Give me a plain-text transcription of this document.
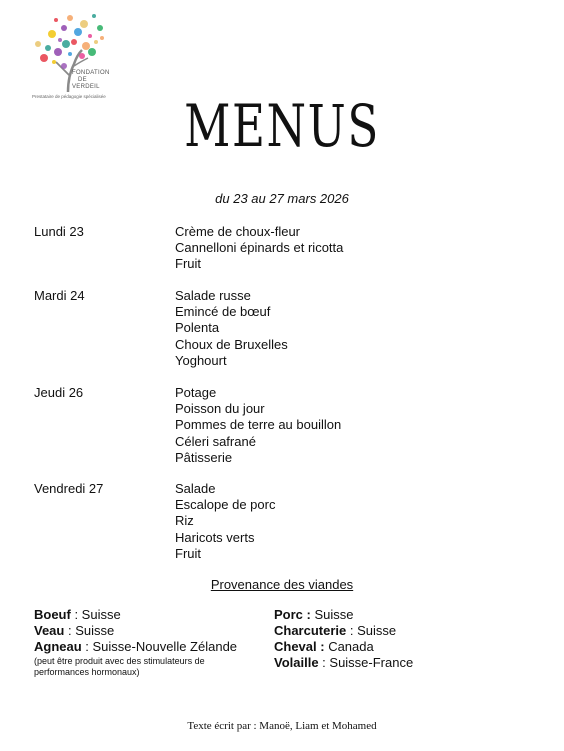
FONDATION
DE
VERDEIL
Prestataire de pédagogie spécialisée	MENUS
du 23 au 27 mars 2026
Lundi 23	Crème de choux-fleur
Cannelloni épinards et ricotta
Fruit
Mardi 24	Salade russe
Emincé de bœuf
Polenta
Choux de Bruxelles
Yoghourt
Jeudi 26	Potage
Poisson du jour
Pommes de terre au bouillon
Céleri safrané
Pâtisserie
Vendredi 27	Salade
Escalope de porc
Riz
Haricots verts
Fruit
Provenance des viandes
Boeuf : Suisse
Veau : Suisse
Agneau : Suisse-Nouvelle Zélande
Porc : Suisse
Charcuterie : Suisse
Cheval : Canada
Volaille : Suisse-France
(peut être produit avec des stimulateurs de performances hormonaux)
Texte écrit par : Manoë, Liam et Mohamed
